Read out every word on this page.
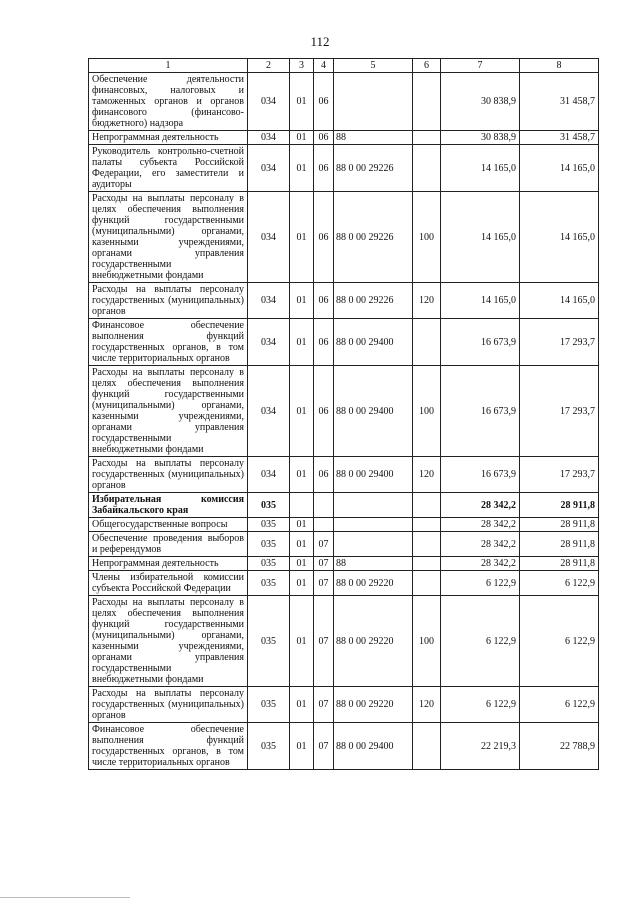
112
1	2	3	4	5	6	7	8
Обеспечение деятельности финансовых, налоговых и таможенных органов и органов финансового (финансово-бюджетного) надзора	034	01	06			30 838,9	31 458,7
Непрограммная деятельность	034	01	06	88		30 838,9	31 458,7
Руководитель контрольно-счетной палаты субъекта Российской Федерации, его заместители и аудиторы	034	01	06	88 0 00 29226		14 165,0	14 165,0
Расходы на выплаты персоналу в целях обеспечения выполнения функций государственными (муниципальными) органами, казенными учреждениями, органами управления государственными внебюджетными фондами	034	01	06	88 0 00 29226	100	14 165,0	14 165,0
Расходы на выплаты персоналу государственных (муниципальных) органов	034	01	06	88 0 00 29226	120	14 165,0	14 165,0
Финансовое обеспечение выполнения функций государственных органов, в том числе территориальных органов	034	01	06	88 0 00 29400		16 673,9	17 293,7
Расходы на выплаты персоналу в целях обеспечения выполнения функций государственными (муниципальными) органами, казенными учреждениями, органами управления государственными внебюджетными фондами	034	01	06	88 0 00 29400	100	16 673,9	17 293,7
Расходы на выплаты персоналу государственных (муниципальных) органов	034	01	06	88 0 00 29400	120	16 673,9	17 293,7
Избирательная комиссия Забайкальского края	035					28 342,2	28 911,8
Общегосударственные вопросы	035	01				28 342,2	28 911,8
Обеспечение проведения выборов и референдумов	035	01	07			28 342,2	28 911,8
Непрограммная деятельность	035	01	07	88		28 342,2	28 911,8
Члены избирательной комиссии субъекта Российской Федерации	035	01	07	88 0 00 29220		6 122,9	6 122,9
Расходы на выплаты персоналу в целях обеспечения выполнения функций государственными (муниципальными) органами, казенными учреждениями, органами управления государственными внебюджетными фондами	035	01	07	88 0 00 29220	100	6 122,9	6 122,9
Расходы на выплаты персоналу государственных (муниципальных) органов	035	01	07	88 0 00 29220	120	6 122,9	6 122,9
Финансовое обеспечение выполнения функций государственных органов, в том числе территориальных органов	035	01	07	88 0 00 29400		22 219,3	22 788,9
